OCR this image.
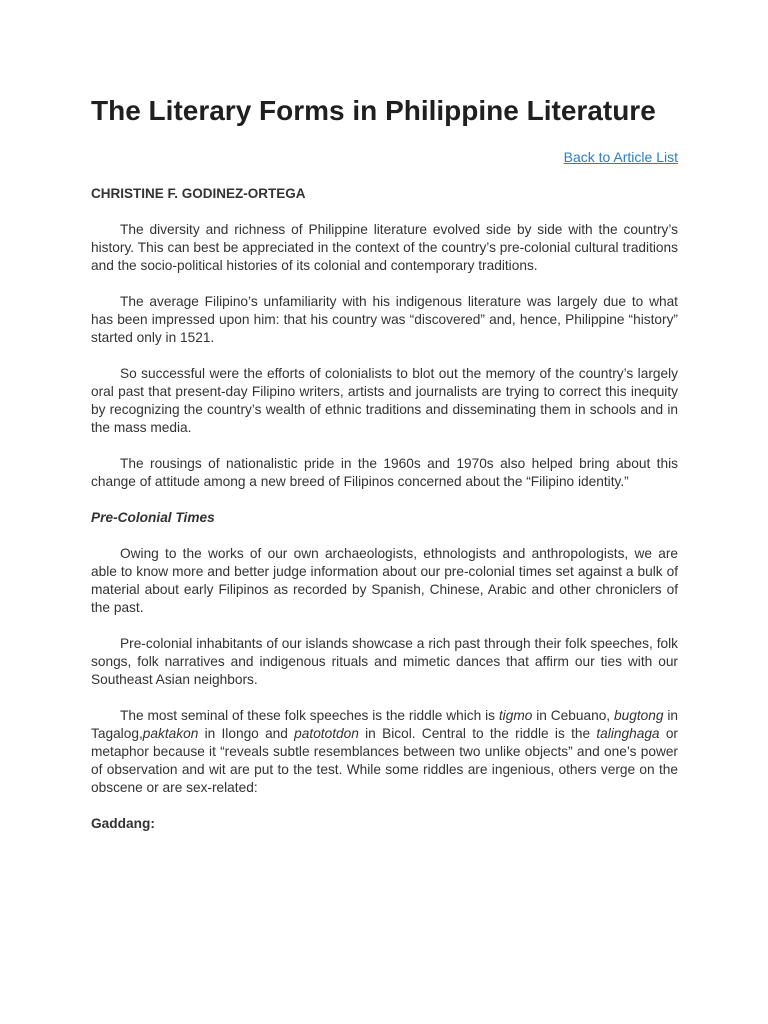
The Literary Forms in Philippine Literature
Back to Article List
CHRISTINE F. GODINEZ-ORTEGA

The diversity and richness of Philippine literature evolved side by side with the country’s history. This can best be appreciated in the context of the country’s pre-colonial cultural traditions and the socio-political histories of its colonial and contemporary traditions.

The average Filipino’s unfamiliarity with his indigenous literature was largely due to what has been impressed upon him: that his country was “discovered” and, hence, Philippine “history” started only in 1521.

So successful were the efforts of colonialists to blot out the memory of the country’s largely oral past that present-day Filipino writers, artists and journalists are trying to correct this inequity by recognizing the country’s wealth of ethnic traditions and disseminating them in schools and in the mass media.

The rousings of nationalistic pride in the 1960s and 1970s also helped bring about this change of attitude among a new breed of Filipinos concerned about the “Filipino identity.”

Pre-Colonial Times

Owing to the works of our own archaeologists, ethnologists and anthropologists, we are able to know more and better judge information about our pre-colonial times set against a bulk of material about early Filipinos as recorded by Spanish, Chinese, Arabic and other chroniclers of the past.

Pre-colonial inhabitants of our islands showcase a rich past through their folk speeches, folk songs, folk narratives and indigenous rituals and mimetic dances that affirm our ties with our Southeast Asian neighbors.

The most seminal of these folk speeches is the riddle which is tigmo in Cebuano, bugtong in Tagalog,paktakon in Ilongo and patototdon in Bicol. Central to the riddle is the talinghaga or metaphor because it “reveals subtle resemblances between two unlike objects” and one’s power of observation and wit are put to the test. While some riddles are ingenious, others verge on the obscene or are sex-related:

Gaddang:
